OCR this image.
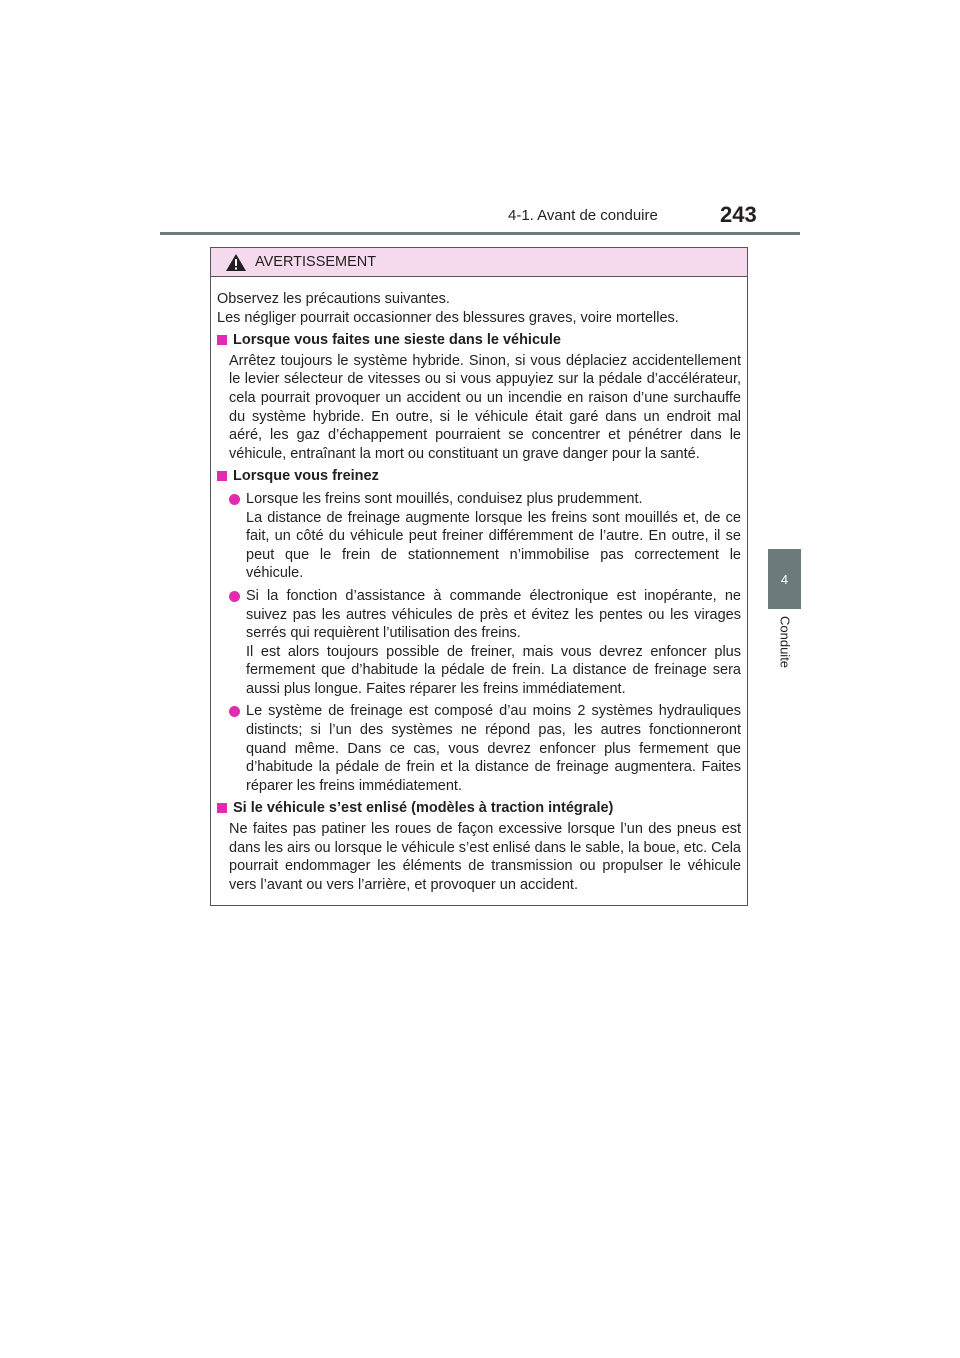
4-1. Avant de conduire	243
4
Conduite
AVERTISSEMENT

Observez les précautions suivantes.

Les négliger pourrait occasionner des blessures graves, voire mortelles.

Lorsque vous faites une sieste dans le véhicule

Arrêtez toujours le système hybride. Sinon, si vous déplaciez accidentellement le levier sélecteur de vitesses ou si vous appuyiez sur la pédale d’accélérateur, cela pourrait provoquer un accident ou un incendie en raison d’une surchauffe du système hybride. En outre, si le véhicule était garé dans un endroit mal aéré, les gaz d’échappement pourraient se concentrer et pénétrer dans le véhicule, entraînant la mort ou constituant un grave danger pour la santé.

Lorsque vous freinez

Lorsque les freins sont mouillés, conduisez plus prudemment.

La distance de freinage augmente lorsque les freins sont mouillés et, de ce fait, un côté du véhicule peut freiner différemment de l’autre. En outre, il se peut que le frein de stationnement n’immobilise pas correctement le véhicule.

Si la fonction d’assistance à commande électronique est inopérante, ne suivez pas les autres véhicules de près et évitez les pentes ou les virages serrés qui requièrent l’utilisation des freins.

Il est alors toujours possible de freiner, mais vous devrez enfoncer plus fermement que d’habitude la pédale de frein. La distance de freinage sera aussi plus longue. Faites réparer les freins immédiatement.

Le système de freinage est composé d’au moins 2 systèmes hydrauliques distincts; si l’un des systèmes ne répond pas, les autres fonctionneront quand même. Dans ce cas, vous devrez enfoncer plus fermement que d’habitude la pédale de frein et la distance de freinage augmentera. Faites réparer les freins immédiatement.

Si le véhicule s’est enlisé (modèles à traction intégrale)

Ne faites pas patiner les roues de façon excessive lorsque l’un des pneus est dans les airs ou lorsque le véhicule s’est enlisé dans le sable, la boue, etc. Cela pourrait endommager les éléments de transmission ou propulser le véhicule vers l’avant ou vers l’arrière, et provoquer un accident.
